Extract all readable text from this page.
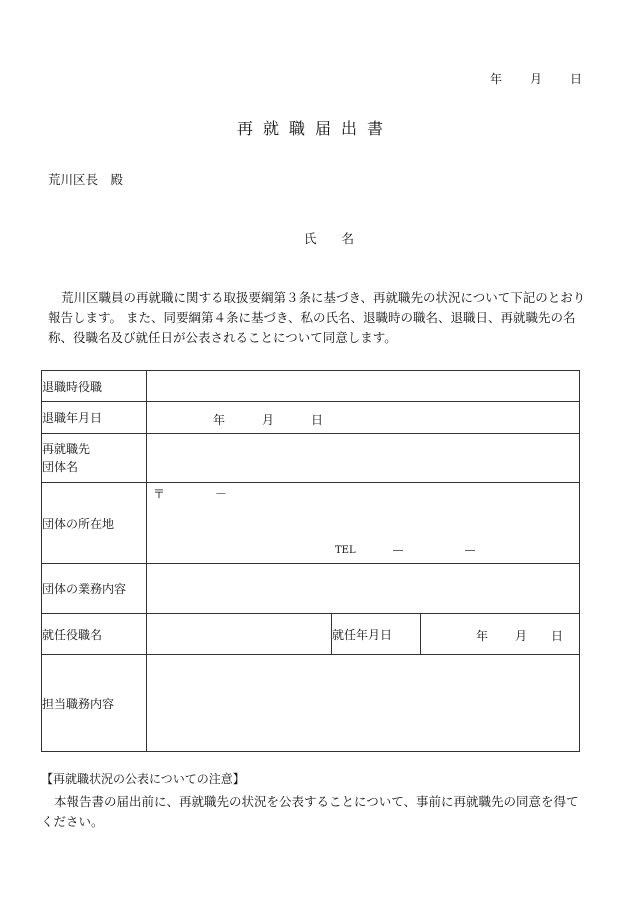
年 月 日
再就職届出書
荒川区長　殿
氏　　名
荒川区職員の再就職に関する取扱要綱第３条に基づき、再就職先の状況について下記のとおり報告します。 また、同要綱第４条に基づき、私の氏名、退職時の職名、退職日、再就職先の名称、役職名及び就任日が公表されることについて同意します。
退職時役職			
退職年月日	年 月 日		

再就職先
団体名			

団体の所在地	〒 －
TEL ― ―		

団体の業務内容			
就任役職名		就任年月日	年 月 日

担当職務内容			
【再就職状況の公表についての注意】
本報告書の届出前に、再就職先の状況を公表することについて、事前に再就職先の同意を得てください。
